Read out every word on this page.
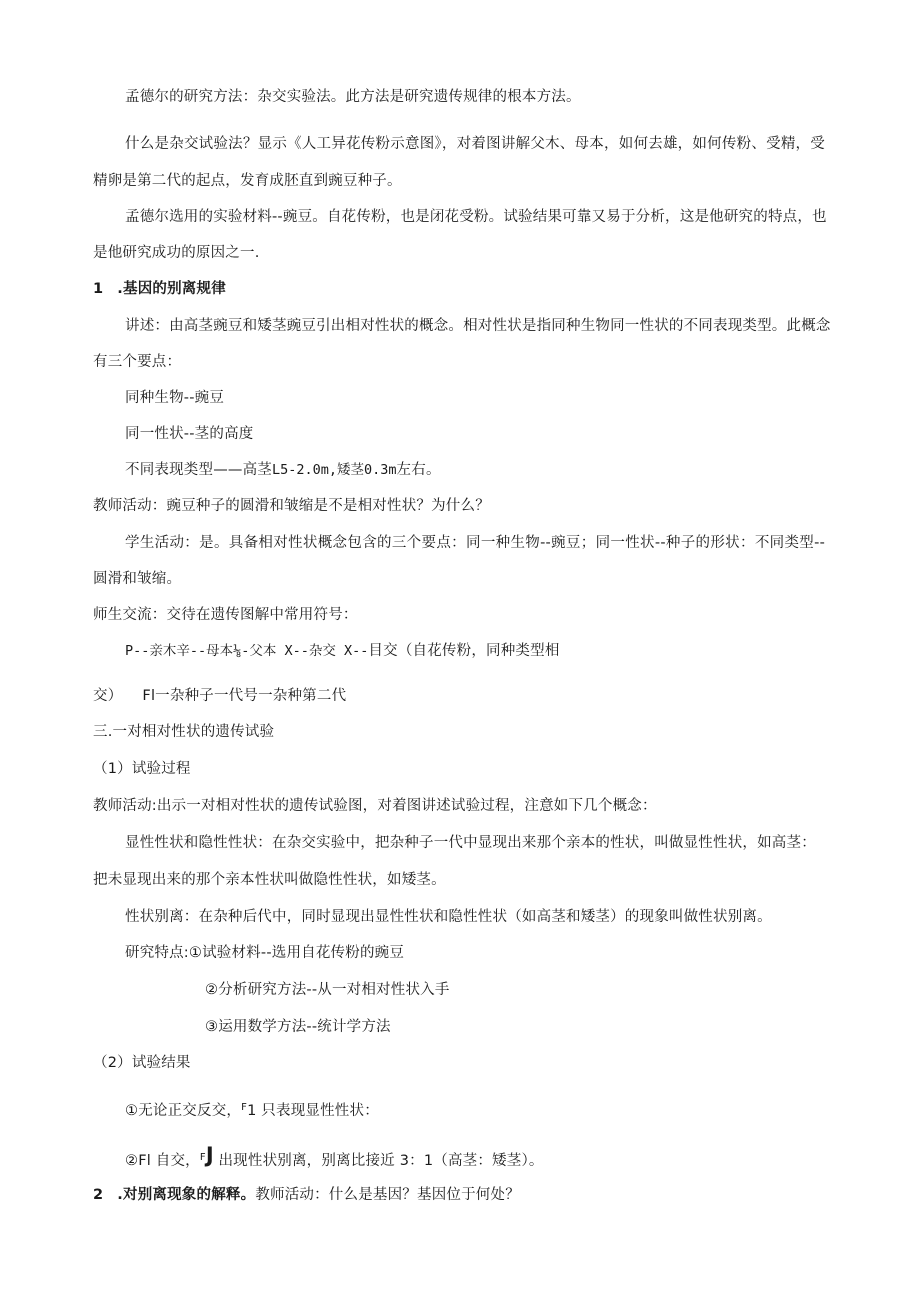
孟德尔的研究方法：杂交实验法。此方法是研究遗传规律的根本方法。
什么是杂交试验法？显示《人工异花传粉示意图》，对着图讲解父木、母本，如何去雄，如何传粉、受精，受
精卵是第二代的起点，发育成胚直到豌豆种子。
孟德尔选用的实验材料--豌豆。自花传粉，也是闭花受粉。试验结果可靠又易于分析，这是他研究的特点，也
是他研究成功的原因之一.
1 .基因的别离规律
讲述：由高茎豌豆和矮茎豌豆引出相对性状的概念。相对性状是指同种生物同一性状的不同表现类型。此概念
有三个要点：
同种生物--豌豆
同一性状--茎的高度
不同表现类型——高茎L5-2.0m,矮茎0.3m左右。
教师活动：豌豆种子的圆滑和皱缩是不是相对性状？为什么？
学生活动：是。具备相对性状概念包含的三个要点：同一种生物--豌豆；同一性状--种子的形状：不同类型--
圆滑和皱缩。
师生交流：交待在遗传图解中常用符号：
P--亲木辛--母本⅛-父本 X--杂交 X--目交（自花传粉，同种类型相
交） Fl一杂种子一代号一杂种第二代
三.一对相对性状的遗传试验
（1）试验过程
教师活动:出示一对相对性状的遗传试验图，对着图讲述试验过程，注意如下几个概念：
显性性状和隐性性状：在杂交实验中，把杂种子一代中显现出来那个亲本的性状，叫做显性性状，如高茎：
把未显现出来的那个亲本性状叫做隐性性状，如矮茎。
性状别离：在杂种后代中，同时显现出显性性状和隐性性状（如高茎和矮茎）的现象叫做性状别离。
研究特点:①试验材料--选用自花传粉的豌豆
②分析研究方法--从一对相对性状入手
③运用数学方法--统计学方法
（2）试验结果
①无论正交反交，$^F$1 只表现显性性状：
②Fl 自交，$^F$J 出现性状别离，别离比接近 3：1（高茎：矮茎）。
2 .对别离现象的解释。教师活动：什么是基因？基因位于何处？
